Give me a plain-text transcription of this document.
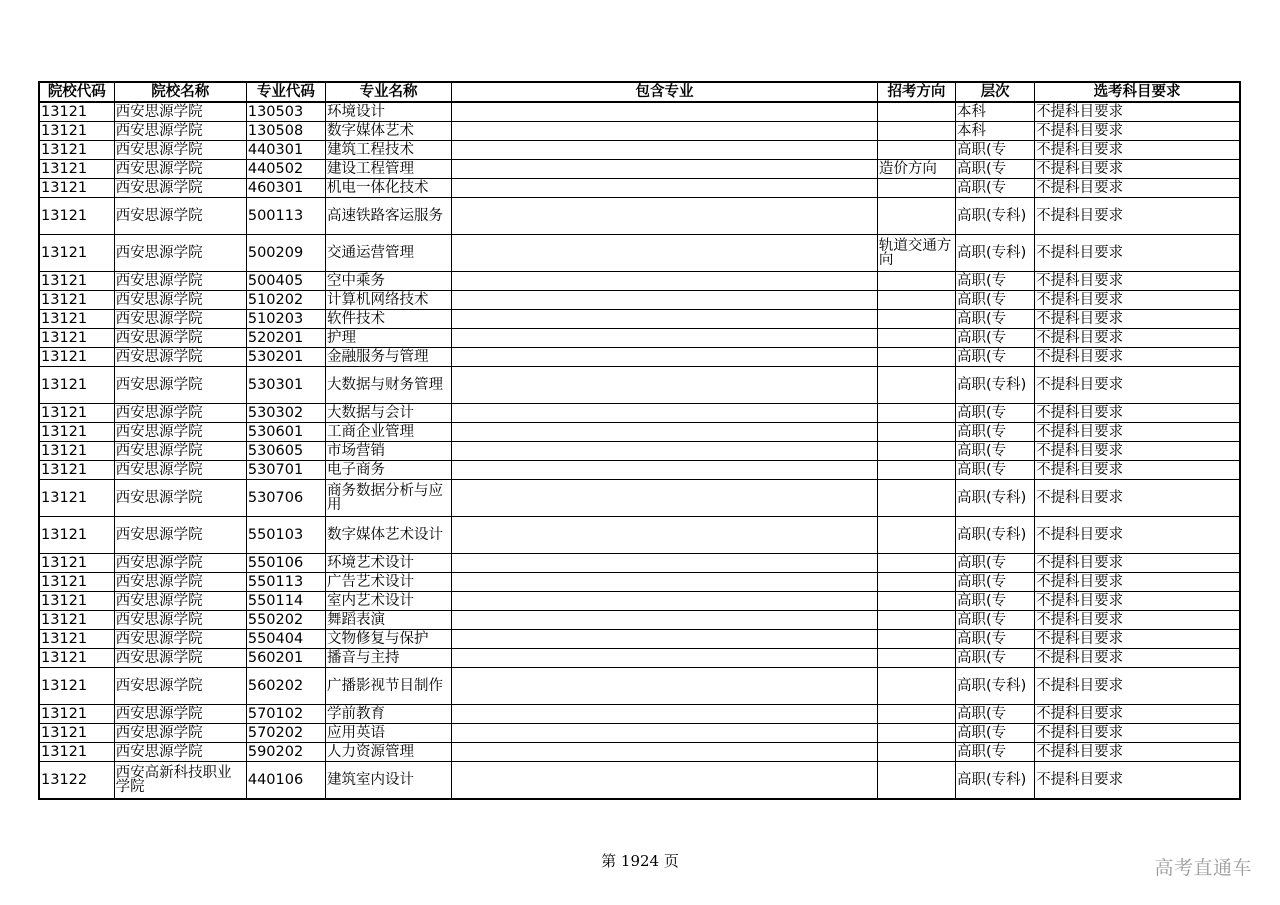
院校代码	院校名称	专业代码	专业名称	包含专业	招考方向	层次	选考科目要求
13121	西安思源学院	130503	环境设计			本科	不提科目要求
13121	西安思源学院	130508	数字媒体艺术			本科	不提科目要求
13121	西安思源学院	440301	建筑工程技术			高职(专	不提科目要求
13121	西安思源学院	440502	建设工程管理		造价方向	高职(专	不提科目要求
13121	西安思源学院	460301	机电一体化技术			高职(专	不提科目要求
13121	西安思源学院	500113	高速铁路客运服务			高职(专科)	不提科目要求
13121	西安思源学院	500209	交通运营管理		轨道交通方向	高职(专科)	不提科目要求
13121	西安思源学院	500405	空中乘务			高职(专	不提科目要求
13121	西安思源学院	510202	计算机网络技术			高职(专	不提科目要求
13121	西安思源学院	510203	软件技术			高职(专	不提科目要求
13121	西安思源学院	520201	护理			高职(专	不提科目要求
13121	西安思源学院	530201	金融服务与管理			高职(专	不提科目要求
13121	西安思源学院	530301	大数据与财务管理			高职(专科)	不提科目要求
13121	西安思源学院	530302	大数据与会计			高职(专	不提科目要求
13121	西安思源学院	530601	工商企业管理			高职(专	不提科目要求
13121	西安思源学院	530605	市场营销			高职(专	不提科目要求
13121	西安思源学院	530701	电子商务			高职(专	不提科目要求
13121	西安思源学院	530706	商务数据分析与应用			高职(专科)	不提科目要求
13121	西安思源学院	550103	数字媒体艺术设计			高职(专科)	不提科目要求
13121	西安思源学院	550106	环境艺术设计			高职(专	不提科目要求
13121	西安思源学院	550113	广告艺术设计			高职(专	不提科目要求
13121	西安思源学院	550114	室内艺术设计			高职(专	不提科目要求
13121	西安思源学院	550202	舞蹈表演			高职(专	不提科目要求
13121	西安思源学院	550404	文物修复与保护			高职(专	不提科目要求
13121	西安思源学院	560201	播音与主持			高职(专	不提科目要求
13121	西安思源学院	560202	广播影视节目制作			高职(专科)	不提科目要求
13121	西安思源学院	570102	学前教育			高职(专	不提科目要求
13121	西安思源学院	570202	应用英语			高职(专	不提科目要求
13121	西安思源学院	590202	人力资源管理			高职(专	不提科目要求
13122	西安高新科技职业学院	440106	建筑室内设计			高职(专科)	不提科目要求
第 1924 页	高考直通车
